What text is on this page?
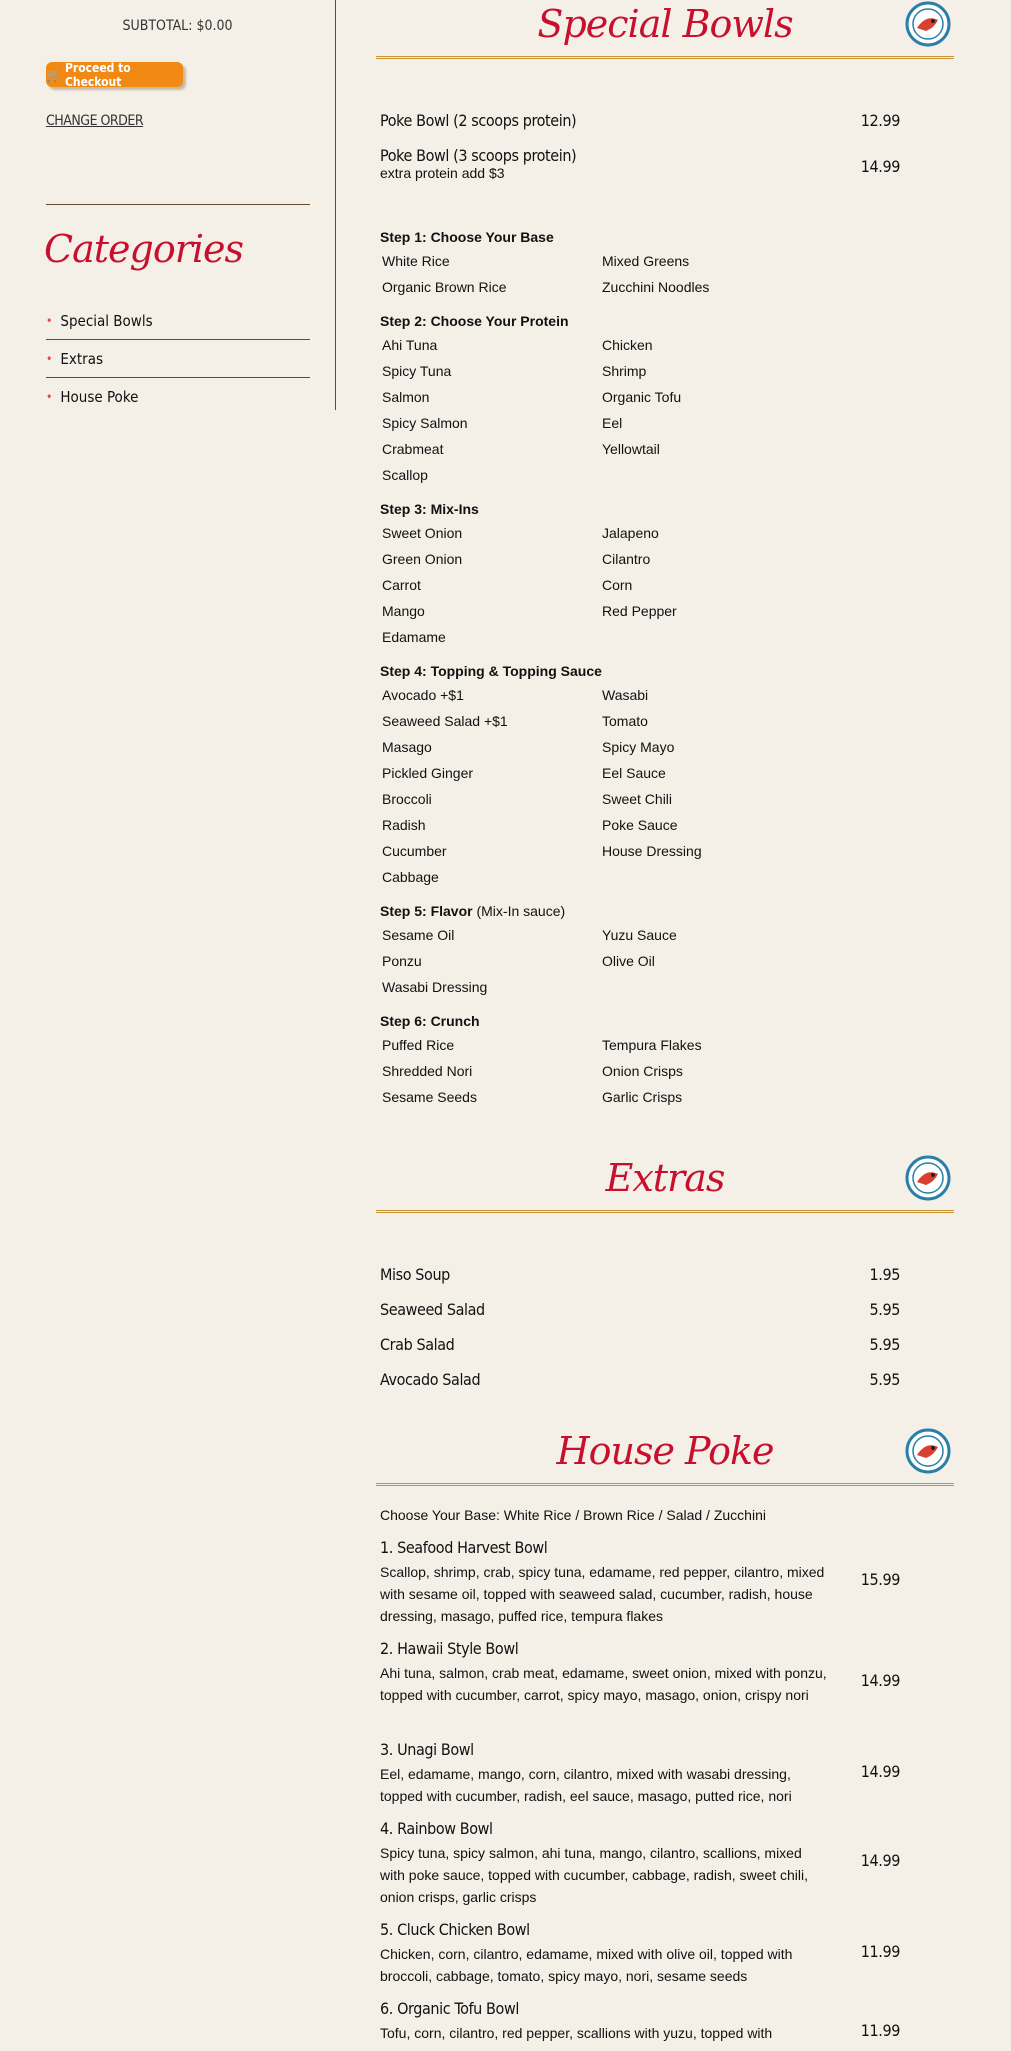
SUBTOTAL: $0.00
🛒 Proceed to Checkout
CHANGE ORDER
Categories
• Special Bowls
• Extras
• House Poke
Special Bowls
Poke Bowl (2 scoops protein)	12.99
Poke Bowl (3 scoops protein)
extra protein add $3	14.99
Step 1: Choose Your Base
White Rice	Mixed Greens
Organic Brown Rice	Zucchini Noodles
Step 2: Choose Your Protein
Ahi Tuna	Chicken
Spicy Tuna	Shrimp
Salmon	Organic Tofu
Spicy Salmon	Eel
Crabmeat	Yellowtail
Scallop
Step 3: Mix-Ins
Sweet Onion	Jalapeno
Green Onion	Cilantro
Carrot	Corn
Mango	Red Pepper
Edamame
Step 4: Topping & Topping Sauce
Avocado +$1	Wasabi
Seaweed Salad +$1	Tomato
Masago	Spicy Mayo
Pickled Ginger	Eel Sauce
Broccoli	Sweet Chili
Radish	Poke Sauce
Cucumber	House Dressing
Cabbage
Step 5: Flavor (Mix-In sauce)
Sesame Oil	Yuzu Sauce
Ponzu	Olive Oil
Wasabi Dressing
Step 6: Crunch
Puffed Rice	Tempura Flakes
Shredded Nori	Onion Crisps
Sesame Seeds	Garlic Crisps
Extras
Miso Soup	1.95
Seaweed Salad	5.95
Crab Salad	5.95
Avocado Salad	5.95
House Poke
Choose Your Base: White Rice / Brown Rice / Salad / Zucchini
1. Seafood Harvest Bowl
15.99
Scallop, shrimp, crab, spicy tuna, edamame, red pepper, cilantro, mixed with sesame oil, topped with seaweed salad, cucumber, radish, house dressing, masago, puffed rice, tempura flakes
2. Hawaii Style Bowl
14.99
Ahi tuna, salmon, crab meat, edamame, sweet onion, mixed with ponzu, topped with cucumber, carrot, spicy mayo, masago, onion, crispy nori
3. Unagi Bowl
14.99
Eel, edamame, mango, corn, cilantro, mixed with wasabi dressing, topped with cucumber, radish, eel sauce, masago, putted rice, nori
4. Rainbow Bowl
14.99
Spicy tuna, spicy salmon, ahi tuna, mango, cilantro, scallions, mixed with poke sauce, topped with cucumber, cabbage, radish, sweet chili, onion crisps, garlic crisps
5. Cluck Chicken Bowl
11.99
Chicken, corn, cilantro, edamame, mixed with olive oil, topped with broccoli, cabbage, tomato, spicy mayo, nori, sesame seeds
6. Organic Tofu Bowl
11.99
Tofu, corn, cilantro, red pepper, scallions with yuzu, topped with
